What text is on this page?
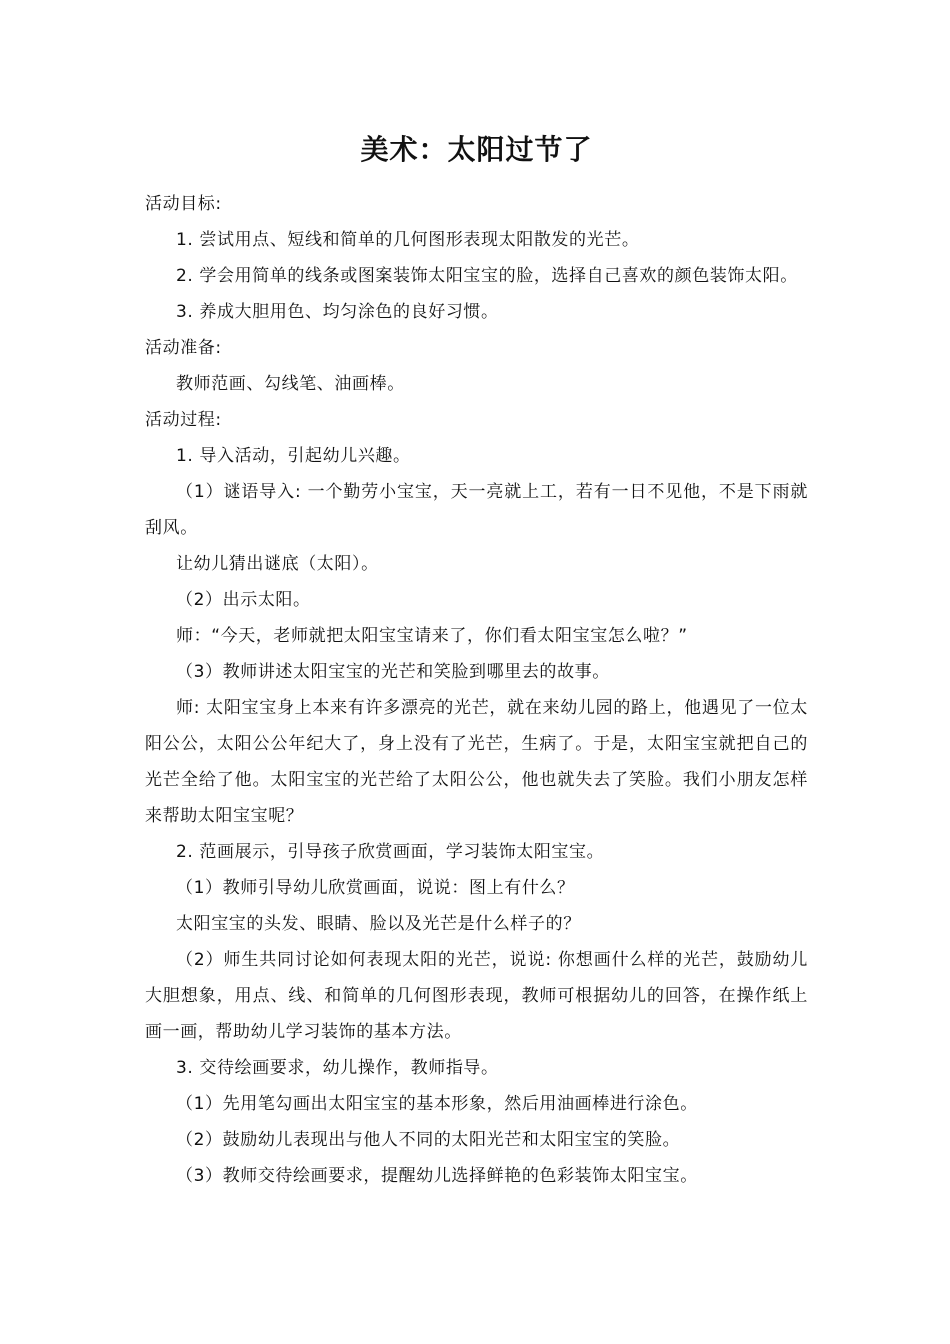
美术：太阳过节了

活动目标:

1. 尝试用点、短线和简单的几何图形表现太阳散发的光芒。

2. 学会用简单的线条或图案装饰太阳宝宝的脸，选择自己喜欢的颜色装饰太阳。

3. 养成大胆用色、均匀涂色的良好习惯。

活动准备:

教师范画、勾线笔、油画棒。

活动过程:

1. 导入活动，引起幼儿兴趣。

（1）谜语导入: 一个勤劳小宝宝，天一亮就上工，若有一日不见他，不是下雨就刮风。

让幼儿猜出谜底（太阳）。

（2）出示太阳。

师：“今天，老师就把太阳宝宝请来了，你们看太阳宝宝怎么啦？”

（3）教师讲述太阳宝宝的光芒和笑脸到哪里去的故事。

师: 太阳宝宝身上本来有许多漂亮的光芒，就在来幼儿园的路上，他遇见了一位太阳公公，太阳公公年纪大了，身上没有了光芒，生病了。于是，太阳宝宝就把自己的光芒全给了他。太阳宝宝的光芒给了太阳公公，他也就失去了笑脸。我们小朋友怎样来帮助太阳宝宝呢？

2. 范画展示，引导孩子欣赏画面，学习装饰太阳宝宝。

（1）教师引导幼儿欣赏画面，说说：图上有什么？

太阳宝宝的头发、眼睛、脸以及光芒是什么样子的？

（2）师生共同讨论如何表现太阳的光芒，说说: 你想画什么样的光芒，鼓励幼儿大胆想象，用点、线、和简单的几何图形表现，教师可根据幼儿的回答，在操作纸上画一画，帮助幼儿学习装饰的基本方法。

3. 交待绘画要求，幼儿操作，教师指导。

（1）先用笔勾画出太阳宝宝的基本形象，然后用油画棒进行涂色。

（2）鼓励幼儿表现出与他人不同的太阳光芒和太阳宝宝的笑脸。

（3）教师交待绘画要求，提醒幼儿选择鲜艳的色彩装饰太阳宝宝。
